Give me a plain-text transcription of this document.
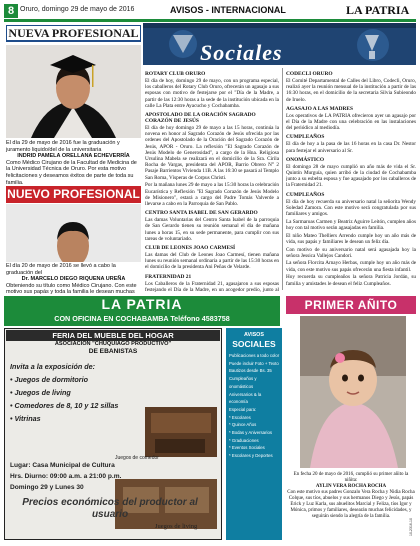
8 Oruro, domingo 29 de mayo de 2016	AVISOS - INTERNACIONAL	LA PATRIA
NUEVA PROFESIONAL
El día 29 de mayo de 2016 fue la graduación y juramento liquido/del de la universitaria

INDRID PAMELA ORELLANA ECHEVERRÍA
Como Médico Cirujano de la Facultad de Medicina de la Universidad Técnica de Oruro. Por esta motivo felicitaciones y deseamos éxitos de parte de toda su familia.
NUEVO PROFESIONAL
El día 20 de mayo de 2016 se llevó a cabo la graduación del

Dr. MARCELO DIEGO RIQUENA UREÑA
Obteniendo su título como Médico Cirujano. Con este motivo sus papás y toda la familia le desean muchas
Sociales
ROTARY CLUB ORURO

El día de hoy, domingo 29 de mayo, con un programa especial, los caballeros del Rotary Club Oruro, ofrecerán un agasajo a sus esposas con motivo de festejarse por el "Día de la Madre, a partir de las 12:30 horas a la sede de la institución ubicada en la calle La Plata entre Ayacucho y Cochabamba.

APOSTOLADO DE LA ORACIÓN SAGRADO CORAZÓN DE JESÚS

El día de hoy domingo 29 de mayo a las 15 horas, continúa la novena en honor al Sagrado Corazón de Jesús ofrecida por las ordenes del Apostolado de la Oración del Sagrado Corazón de Jesús, APOR - Oruro. La reflexión "El Sagrado Corazón de Jesús Modelo de Generosidad", a cargo de la Hna. Religiosa Ursulina Mabela se realizará en el domicilio de la Sra. Cirila Rocha de Vargas, presidenta del APOR, Barrio Obrero N° 2 Pasaje Barrientos Vivienda 11B. A las 16:30 se pasará al Templo San Roma, Vísperas de Corpus Christi.

Por la mañana lunes 29 de mayo a las 15:30 horas la celebración Eucarística y Reflexión "El Sagrado Corazón de Jesús Modelo de Misionero", estará a cargo del Padre Tomás Valverde a llevarse a cabo en la Parroquia de San Pablo.

CENTRO SANTA ISABEL DE SAN GERARDO

Las damas Voluntarias del Centro Santa Isabel de la parroquia de San Gerardo tienen su reunión semanal el día de mañana lunes a horas 15, en su sede permanente, para cumplir con sus tareas de voluntariado.

CLUB DE LEONES JOAO CARMESÍ

Las damas del Club de Leones Joao Carmesí, tienen mañana lunes su reunión semanal ordinaria a partir de las 15:30 horas en el domicilio de la presidenta Ani Peñas de Velarde.

FRATERNIDAD 21

Los Caballeros de la Fraternidad 21, agasajaron a sus esposas festejando el Día de la Madre, en un acogedor predio, junto al

CODECLI ORURO

El Comité Departamental de Calles del Libro, Codecli, Oruro, realizó ayer la reunión mensual de la institución a partir de las 16:30 horas, en el domicilio de la secretaria Silvia Subieondo de Iruelo.

AGASAJO A LAS MADRES

Los operativos de LA PATRIA ofrecieron ayer un agasajo por el Día de la Madre con una celebración en las instalaciones del periódico al mediodía.

CUMPLEAÑOS

El día de hoy a la pasa de las 16 horas en la casa Dr. Nestor para festejar el aniversario al Sr.

ONOMÁSTICO

El domingo 28 de mayo cumplió un año más de vida el Sr. Quintín Murguía, quien arribó de la ciudad de Cochabamba junto a su esbelta esposa y fue agasajado por los caballeros de la Fraternidad 21.

CUMPLEAÑOS

El día de hoy recuerda su aniversario natal la señorita Wendy Soledad Zamora. Con este motivo será congratulada por sus familiares y amigos.

La Sarmaroas Carmen y Beatriz Aguirre Leitón, cumplen años hoy con tal motivo serán agasajadas en familia.

El niño Mateo Thelliers Arrendo cumple hoy un año más de vida, sus papás y familiares le desean un feliz día.

Con motivo de su aniversario natal será agasajada hoy la señora Jessica Vallejos Candori.

La señora Florcita Arnayo Herbas, cumple hoy un año más de vida, con este motivo sus papás ofrecerán una fiesta infantil.

Hoy recuerda su cumpleaños la señora Patricia Jordán, su familia y amistades le desean el feliz Cumpleaños.

PRIMER AÑITO
En fecha 20 de mayo de 2016, cumplió su primer añito la niñita:

AYLIN VERA ROCHA ROCHA
Con este motivo sus padres Gonzalo Vera Rocha y Nidia Rocha Colque, sus tíos, abuelos y sus hermanos Diego y Jesús, papás Erick y Luz Karla, sus abuelitos Marcial y Feliza, tíos Igor y Mónica, primos y familiares, desearán muchas felicidades, y seguirán siendo la alegría de la familia.
LA PATRIA
CON OFICINA EN COCHABAMBA Teléfono 4583758
FERIA DEL MUEBLE DEL HOGAR
ASOCIACIÓN "CHUQUIAGO PRODUCTIVO"
DE EBANISTAS
Invita a la exposición de:
• Juegos de dormitorio
• Juegos de living
• Comedores de 8, 10 y 12 sillas
• Vitrinas
Juegos de comedor
Lugar: Casa Municipal de Cultura
Hrs. Diurno: 09:00 a.m. a 21:00 p.m.
Domingo 29 y Lunes 30
Precios económicos del productor al usuario
Juegos de living
AVISOS
SOCIALES
Publicaciones a todo color
Puede incluir Foto + Texto
Bautizos desde Bs. 35
Cumpleaños y onomásticos
Aniversarios & la economía
Especial para:
* Escolares
* Quince Años
* Bodas y Aniversarios
* Graduaciones
* Eventos Sociales
* Escolares y Deportes
10-2316-10
